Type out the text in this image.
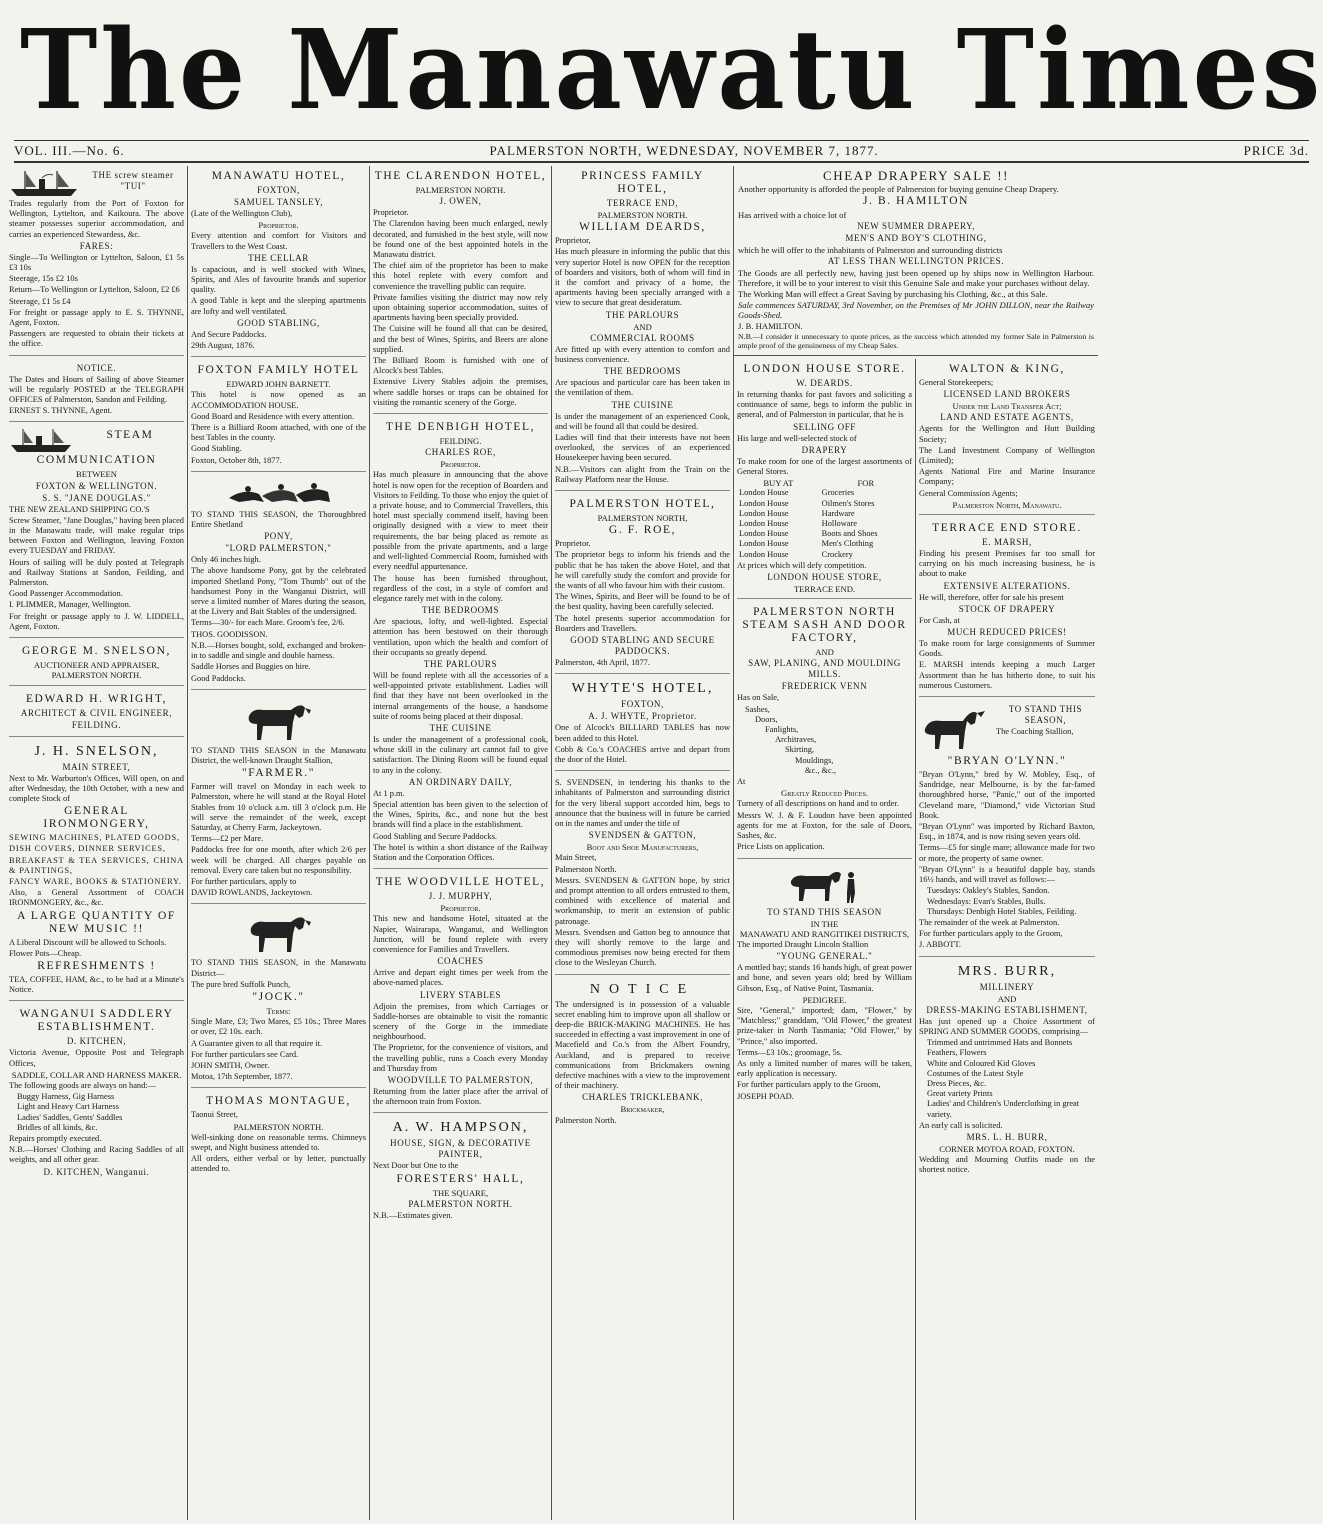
The Manawatu Times
VOL. III.—No. 6.	PALMERSTON NORTH, WEDNESDAY, NOVEMBER 7, 1877.	PRICE 3d.
THE screw steamer "TUI"
Trades regularly from the Port of Foxton for Wellington, Lyttelton, and Kaikoura. The above steamer possesses superior accommodation, and carries an experienced Stewardess, &c.
FARES:
Single—To Wellington or Lyttelton, Saloon, £1 5s £3 10s
Steerage, 15s £2 10s
Return—To Wellington or Lyttelton, Saloon, £2 £6
Steerage, £1 5s £4
For freight or passage apply to E. S. THYNNE, Agent, Foxton.
Passengers are requested to obtain their tickets at the office.
NOTICE.
The Dates and Hours of Sailing of above Steamer will be regularly POSTED at the TELEGRAPH OFFICES of Palmerston, Sandon and Feilding.
ERNEST S. THYNNE, Agent.
STEAM COMMUNICATION
BETWEEN
FOXTON & WELLINGTON.
S. S. "JANE DOUGLAS."
THE NEW ZEALAND SHIPPING CO.'S
Screw Steamer, "Jane Douglas," having been placed in the Manawatu trade, will make regular trips between Foxton and Wellington, leaving Foxton every TUESDAY and FRIDAY.
Hours of sailing will be duly posted at Telegraph and Railway Stations at Sandon, Feilding, and Palmerston.
Good Passenger Accommodation.
I. PLIMMER, Manager, Wellington.
For freight or passage apply to J. W. LIDDELL, Agent, Foxton.
GEORGE M. SNELSON,
AUCTIONEER AND APPRAISER,
PALMERSTON NORTH.
EDWARD H. WRIGHT,
ARCHITECT & CIVIL ENGINEER,
FEILDING.
J. H. SNELSON,
MAIN STREET,
Next to Mr. Warburton's Offices, Will open, on and after Wednesday, the 10th October, with a new and complete Stock of
GENERAL IRONMONGERY,
SEWING MACHINES, PLATED GOODS,
DISH COVERS, DINNER SERVICES,
BREAKFAST & TEA SERVICES, CHINA & PAINTINGS,
FANCY WARE, BOOKS & STATIONERY.
Also, a General Assortment of COACH IRONMONGERY, &c., &c.
A LARGE QUANTITY OF NEW MUSIC !!
A Liberal Discount will be allowed to Schools.
Flower Pots—Cheap.
REFRESHMENTS !
TEA, COFFEE, HAM, &c., to be had at a Minute's Notice.
WANGANUI SADDLERY ESTABLISHMENT.
D. KITCHEN,
Victoria Avenue, Opposite Post and Telegraph Offices,
SADDLE, COLLAR AND HARNESS MAKER.
The following goods are always on hand:—
Buggy Harness, Gig Harness
Light and Heavy Cart Harness
Ladies' Saddles, Gents' Saddles
Bridles of all kinds, &c.
Repairs promptly executed.
N.B.—Horses' Clothing and Racing Saddles of all weights, and all other gear.
D. KITCHEN, Wanganui.
MANAWATU HOTEL,
FOXTON,
SAMUEL TANSLEY,
(Late of the Wellington Club),
Proprietor.
Every attention and comfort for Visitors and Travellers to the West Coast.
THE CELLAR
Is capacious, and is well stocked with Wines, Spirits, and Ales of favourite brands and superior quality.
A good Table is kept and the sleeping apartments are lofty and well ventilated.
GOOD STABLING,
And Secure Paddocks.
29th August, 1876.
FOXTON FAMILY HOTEL
EDWARD JOHN BARNETT.
This hotel is now opened as an ACCOMMODATION HOUSE.
Good Board and Residence with every attention.
There is a Billiard Room attached, with one of the best Tables in the county.
Good Stabling.
Foxton, October 8th, 1877.
TO STAND THIS SEASON, the Thoroughbred Entire Shetland
PONY,
"LORD PALMERSTON,"
Only 46 inches high.
The above handsome Pony, got by the celebrated imported Shetland Pony, "Tom Thumb" out of the handsomest Pony in the Wanganui District, will serve a limited number of Mares during the season, at the Livery and Bait Stables of the undersigned.
Terms—30/- for each Mare. Groom's fee, 2/6.
THOS. GOODISSON.
N.B.—Horses bought, sold, exchanged and broken-in to saddle and single and double harness.
Saddle Horses and Buggies on hire.
Good Paddocks.
TO STAND THIS SEASON in the Manawatu District, the well-known Draught Stallion,
"FARMER."
Farmer will travel on Monday in each week to Palmerston, where he will stand at the Royal Hotel Stables from 10 o'clock a.m. till 3 o'clock p.m. He will serve the remainder of the week, except Saturday, at Cherry Farm, Jackeytown.
Terms—£2 per Mare.
Paddocks free for one month, after which 2/6 per week will be charged. All charges payable on removal. Every care taken but no responsibility.
For further particulars, apply to
DAVID ROWLANDS, Jackeytown.
TO STAND THIS SEASON, in the Manawatu District—
The pure bred Suffolk Punch,
"JOCK."
Terms:
Single Mare, £3; Two Mares, £5 10s.; Three Mares or over, £2 10s. each.
A Guarantee given to all that require it.
For further particulars see Card.
JOHN SMITH, Owner.
Motoa, 17th September, 1877.
THOMAS MONTAGUE,
Taonui Street,
PALMERSTON NORTH.
Well-sinking done on reasonable terms. Chimneys swept, and Night business attended to.
All orders, either verbal or by letter, punctually attended to.
THE CLARENDON HOTEL,
PALMERSTON NORTH.
J. OWEN,
Proprietor.
The Clarendon having been much enlarged, newly decorated, and furnished in the best style, will now be found one of the best appointed hotels in the Manawatu district.
The chief aim of the proprietor has been to make this hotel replete with every comfort and convenience the travelling public can require.
Private families visiting the district may now rely upon obtaining superior accommodation, suites of apartments having been specially provided.
The Cuisine will be found all that can be desired, and the best of Wines, Spirits, and Beers are alone supplied.
The Billiard Room is furnished with one of Alcock's best Tables.
Extensive Livery Stables adjoin the premises, where saddle horses or traps can be obtained for visiting the romantic scenery of the Gorge.
THE DENBIGH HOTEL,
FEILDING.
CHARLES ROE,
Proprietor.
Has much pleasure in announcing that the above hotel is now open for the reception of Boarders and Visitors to Feilding. To those who enjoy the quiet of a private house, and to Commercial Travellers, this hotel must specially commend itself, having been originally designed with a view to meet their requirements, the bar being placed as remote as possible from the private apartments, and a large and well-lighted Commercial Room, furnished with every needful appurtenance.
The house has been furnished throughout, regardless of the cost, in a style of comfort and elegance rarely met with in the colony.
THE BEDROOMS
Are spacious, lofty, and well-lighted. Especial attention has been bestowed on their thorough ventilation, upon which the health and comfort of their occupants so greatly depend.
THE PARLOURS
Will be found replete with all the accessories of a well-appointed private establishment. Ladies will find that they have not been overlooked in the internal arrangements of the house, a handsome suite of rooms being placed at their disposal.
THE CUISINE
Is under the management of a professional cook, whose skill in the culinary art cannot fail to give satisfaction. The Dining Room will be found equal to any in the colony.
AN ORDINARY DAILY,
At 1 p.m.
Special attention has been given to the selection of the Wines, Spirits, &c., and none but the best brands will find a place in the establishment.
Good Stabling and Secure Paddocks.
The hotel is within a short distance of the Railway Station and the Corporation Offices.
THE WOODVILLE HOTEL,
J. J. MURPHY,
Proprietor.
This new and handsome Hotel, situated at the Napier, Wairarapa, Wanganui, and Wellington Junction, will be found replete with every convenience for Families and Travellers.
COACHES
Arrive and depart eight times per week from the above-named places.
LIVERY STABLES
Adjoin the premises, from which Carriages or Saddle-horses are obtainable to visit the romantic scenery of the Gorge in the immediate neighbourhood.
The Proprietor, for the convenience of visitors, and the travelling public, runs a Coach every Monday and Thursday from
WOODVILLE TO PALMERSTON,
Returning from the latter place after the arrival of the afternoon train from Foxton.
A. W. HAMPSON,
HOUSE, SIGN, & DECORATIVE PAINTER,
Next Door but One to the
FORESTERS' HALL,
THE SQUARE,
PALMERSTON NORTH.
N.B.—Estimates given.
PRINCESS FAMILY HOTEL,
TERRACE END,
PALMERSTON NORTH.
WILLIAM DEARDS,
Proprietor,
Has much pleasure in informing the public that this very superior Hotel is now OPEN for the reception of boarders and visitors, both of whom will find in it the comfort and privacy of a home, the apartments having been specially arranged with a view to secure that great desideratum.
THE PARLOURS
AND
COMMERCIAL ROOMS
Are fitted up with every attention to comfort and business convenience.
THE BEDROOMS
Are spacious and particular care has been taken in the ventilation of them.
THE CUISINE
Is under the management of an experienced Cook, and will be found all that could be desired.
Ladies will find that their interests have not been overlooked, the services of an experienced Housekeeper having been secured.
N.B.—Visitors can alight from the Train on the Railway Platform near the House.
PALMERSTON HOTEL,
PALMERSTON NORTH,
G. F. ROE,
Proprietor.
The proprietor begs to inform his friends and the public that he has taken the above Hotel, and that he will carefully study the comfort and provide for the wants of all who favour him with their custom.
The Wines, Spirits, and Beer will be found to be of the best quality, having been carefully selected.
The hotel presents superior accommodation for Boarders and Travellers.
GOOD STABLING AND SECURE PADDOCKS.
Palmerston, 4th April, 1877.
WHYTE'S HOTEL,
FOXTON,
A. J. WHYTE, Proprietor.
One of Alcock's BILLIARD TABLES has now been added to this Hotel.
Cobb & Co.'s COACHES arrive and depart from the door of the Hotel.
S. SVENDSEN, in tendering his thanks to the inhabitants of Palmerston and surrounding district for the very liberal support accorded him, begs to announce that the business will in future be carried on in the names and under the title of
SVENDSEN & GATTON,
Boot and Shoe Manufacturers,
Main Street,
Palmerston North.
Messrs. SVENDSEN & GATTON hope, by strict and prompt attention to all orders entrusted to them, combined with excellence of material and workmanship, to merit an extension of public patronage.
Messrs. Svendsen and Gatton beg to announce that they will shortly remove to the large and commodious premises now being erected for them close to the Wesleyan Church.
NOTICE
The undersigned is in possession of a valuable secret enabling him to improve upon all shallow or deep-die BRICK-MAKING MACHINES. He has succeeded in effecting a vast improvement in one of Macefield and Co.'s from the Albert Foundry, Auckland, and is prepared to receive communications from Brickmakers owning defective machines with a view to the improvement of their machinery.
CHARLES TRICKLEBANK,
Brickmaker,
Palmerston North.
CHEAP DRAPERY SALE !!
Another opportunity is afforded the people of Palmerston for buying genuine Cheap Drapery.
J. B. HAMILTON
Has arrived with a choice lot of
NEW SUMMER DRAPERY,
MEN'S AND BOY'S CLOTHING,
which he will offer to the inhabitants of Palmerston and surrounding districts
AT LESS THAN WELLINGTON PRICES.
The Goods are all perfectly new, having just been opened up by ships now in Wellington Harbour. Therefore, it will be to your interest to visit this Genuine Sale and make your purchases without delay.
The Working Man will effect a Great Saving by purchasing his Clothing, &c., at this Sale.
Sale commences SATURDAY, 3rd November, on the Premises of Mr JOHN DILLON, near the Railway Goods-Shed.
J. B. HAMILTON.
N.B.—I consider it unnecessary to quote prices, as the success which attended my former Sale in Palmerston is ample proof of the genuineness of my Cheap Sales.
LONDON HOUSE STORE.
W. DEARDS.
In returning thanks for past favors and soliciting a continuance of same, begs to inform the public in general, and of Palmerston in particular, that he is
SELLING OFF
His large and well-selected stock of
DRAPERY
To make room for one of the largest assortments of General Stores.
BUY AT	FOR
London House	Groceries
London House	Oilmen's Stores
London House	Hardware
London House	Holloware
London House	Boots and Shoes
London House	Men's Clothing
London House	Crockery
At prices which will defy competition.
LONDON HOUSE STORE,
TERRACE END.
PALMERSTON NORTH STEAM SASH AND DOOR FACTORY,
AND
SAW, PLANING, AND MOULDING MILLS.
FREDERICK VENN
Has on Sale,
Sashes,
Doors,
Fanlights,
Architraves,
Skirting,
Mouldings,
&c., &c.,
At
Greatly Reduced Prices.
Turnery of all descriptions on hand and to order.
Messrs W. J. & F. Loudon have been appointed agents for me at Foxton, for the sale of Doors, Sashes, &c.
Price Lists on application.
TO STAND THIS SEASON
IN THE
MANAWATU AND RANGITIKEI DISTRICTS,
The imported Draught Lincoln Stallion
"YOUNG GENERAL."
A mottled bay; stands 16 hands high, of great power and bone, and seven years old; bred by William Gibson, Esq., of Native Point, Tasmania.
PEDIGREE.
Sire, "General," imported; dam, "Flower," by "Matchless;" granddam, "Old Flower," the greatest prize-taker in North Tasmania; "Old Flower," by "Prince," also imported.
Terms—£3 10s.; groomage, 5s.
As only a limited number of mares will be taken, early application is necessary.
For further particulars apply to the Groom,
JOSEPH POAD.
WALTON & KING,
General Storekeepers;
LICENSED LAND BROKERS
Under the Land Transfer Act;
LAND AND ESTATE AGENTS,
Agents for the Wellington and Hutt Building Society;
The Land Investment Company of Wellington (Limited);
Agents National Fire and Marine Insurance Company;
General Commission Agents;
Palmerston North, Manawatu.
TERRACE END STORE.
E. MARSH,
Finding his present Premises far too small for carrying on his much increasing business, he is about to make
EXTENSIVE ALTERATIONS.
He will, therefore, offer for sale his present
STOCK OF DRAPERY
For Cash, at
MUCH REDUCED PRICES!
To make room for large consignments of Summer Goods.
E. MARSH intends keeping a much Larger Assortment than he has hitherto done, to suit his numerous Customers.
TO STAND THIS SEASON,
The Coaching Stallion,
"BRYAN O'LYNN."
"Bryan O'Lynn," bred by W. Mobley, Esq., of Sandridge, near Melbourne, is by the far-famed thoroughbred horse, "Panic," out of the imported Cleveland mare, "Diamond," vide Victorian Stud Book.
"Bryan O'Lynn" was imported by Richard Baxton, Esq., in 1874, and is now rising seven years old.
Terms—£5 for single mare; allowance made for two or more, the property of same owner.
"Bryan O'Lynn" is a beautiful dapple bay, stands 16½ hands, and will travel as follows:—
Tuesdays: Oakley's Stables, Sandon.
Wednesdays: Evan's Stables, Bulls.
Thursdays: Denbigh Hotel Stables, Feilding.
The remainder of the week at Palmerston.
For further particulars apply to the Groom,
J. ABBOTT.
MRS. BURR,
MILLINERY
AND
DRESS-MAKING ESTABLISHMENT,
Has just opened up a Choice Assortment of SPRING AND SUMMER GOODS, comprising—
Trimmed and untrimmed Hats and Bonnets
Feathers, Flowers
White and Coloured Kid Gloves
Costumes of the Latest Style
Dress Pieces, &c.
Great variety Prints
Ladies' and Children's Underclothing in great variety.
An early call is solicited.
MRS. L. H. BURR,
CORNER MOTOA ROAD, FOXTON.
Wedding and Mourning Outfits made on the shortest notice.
